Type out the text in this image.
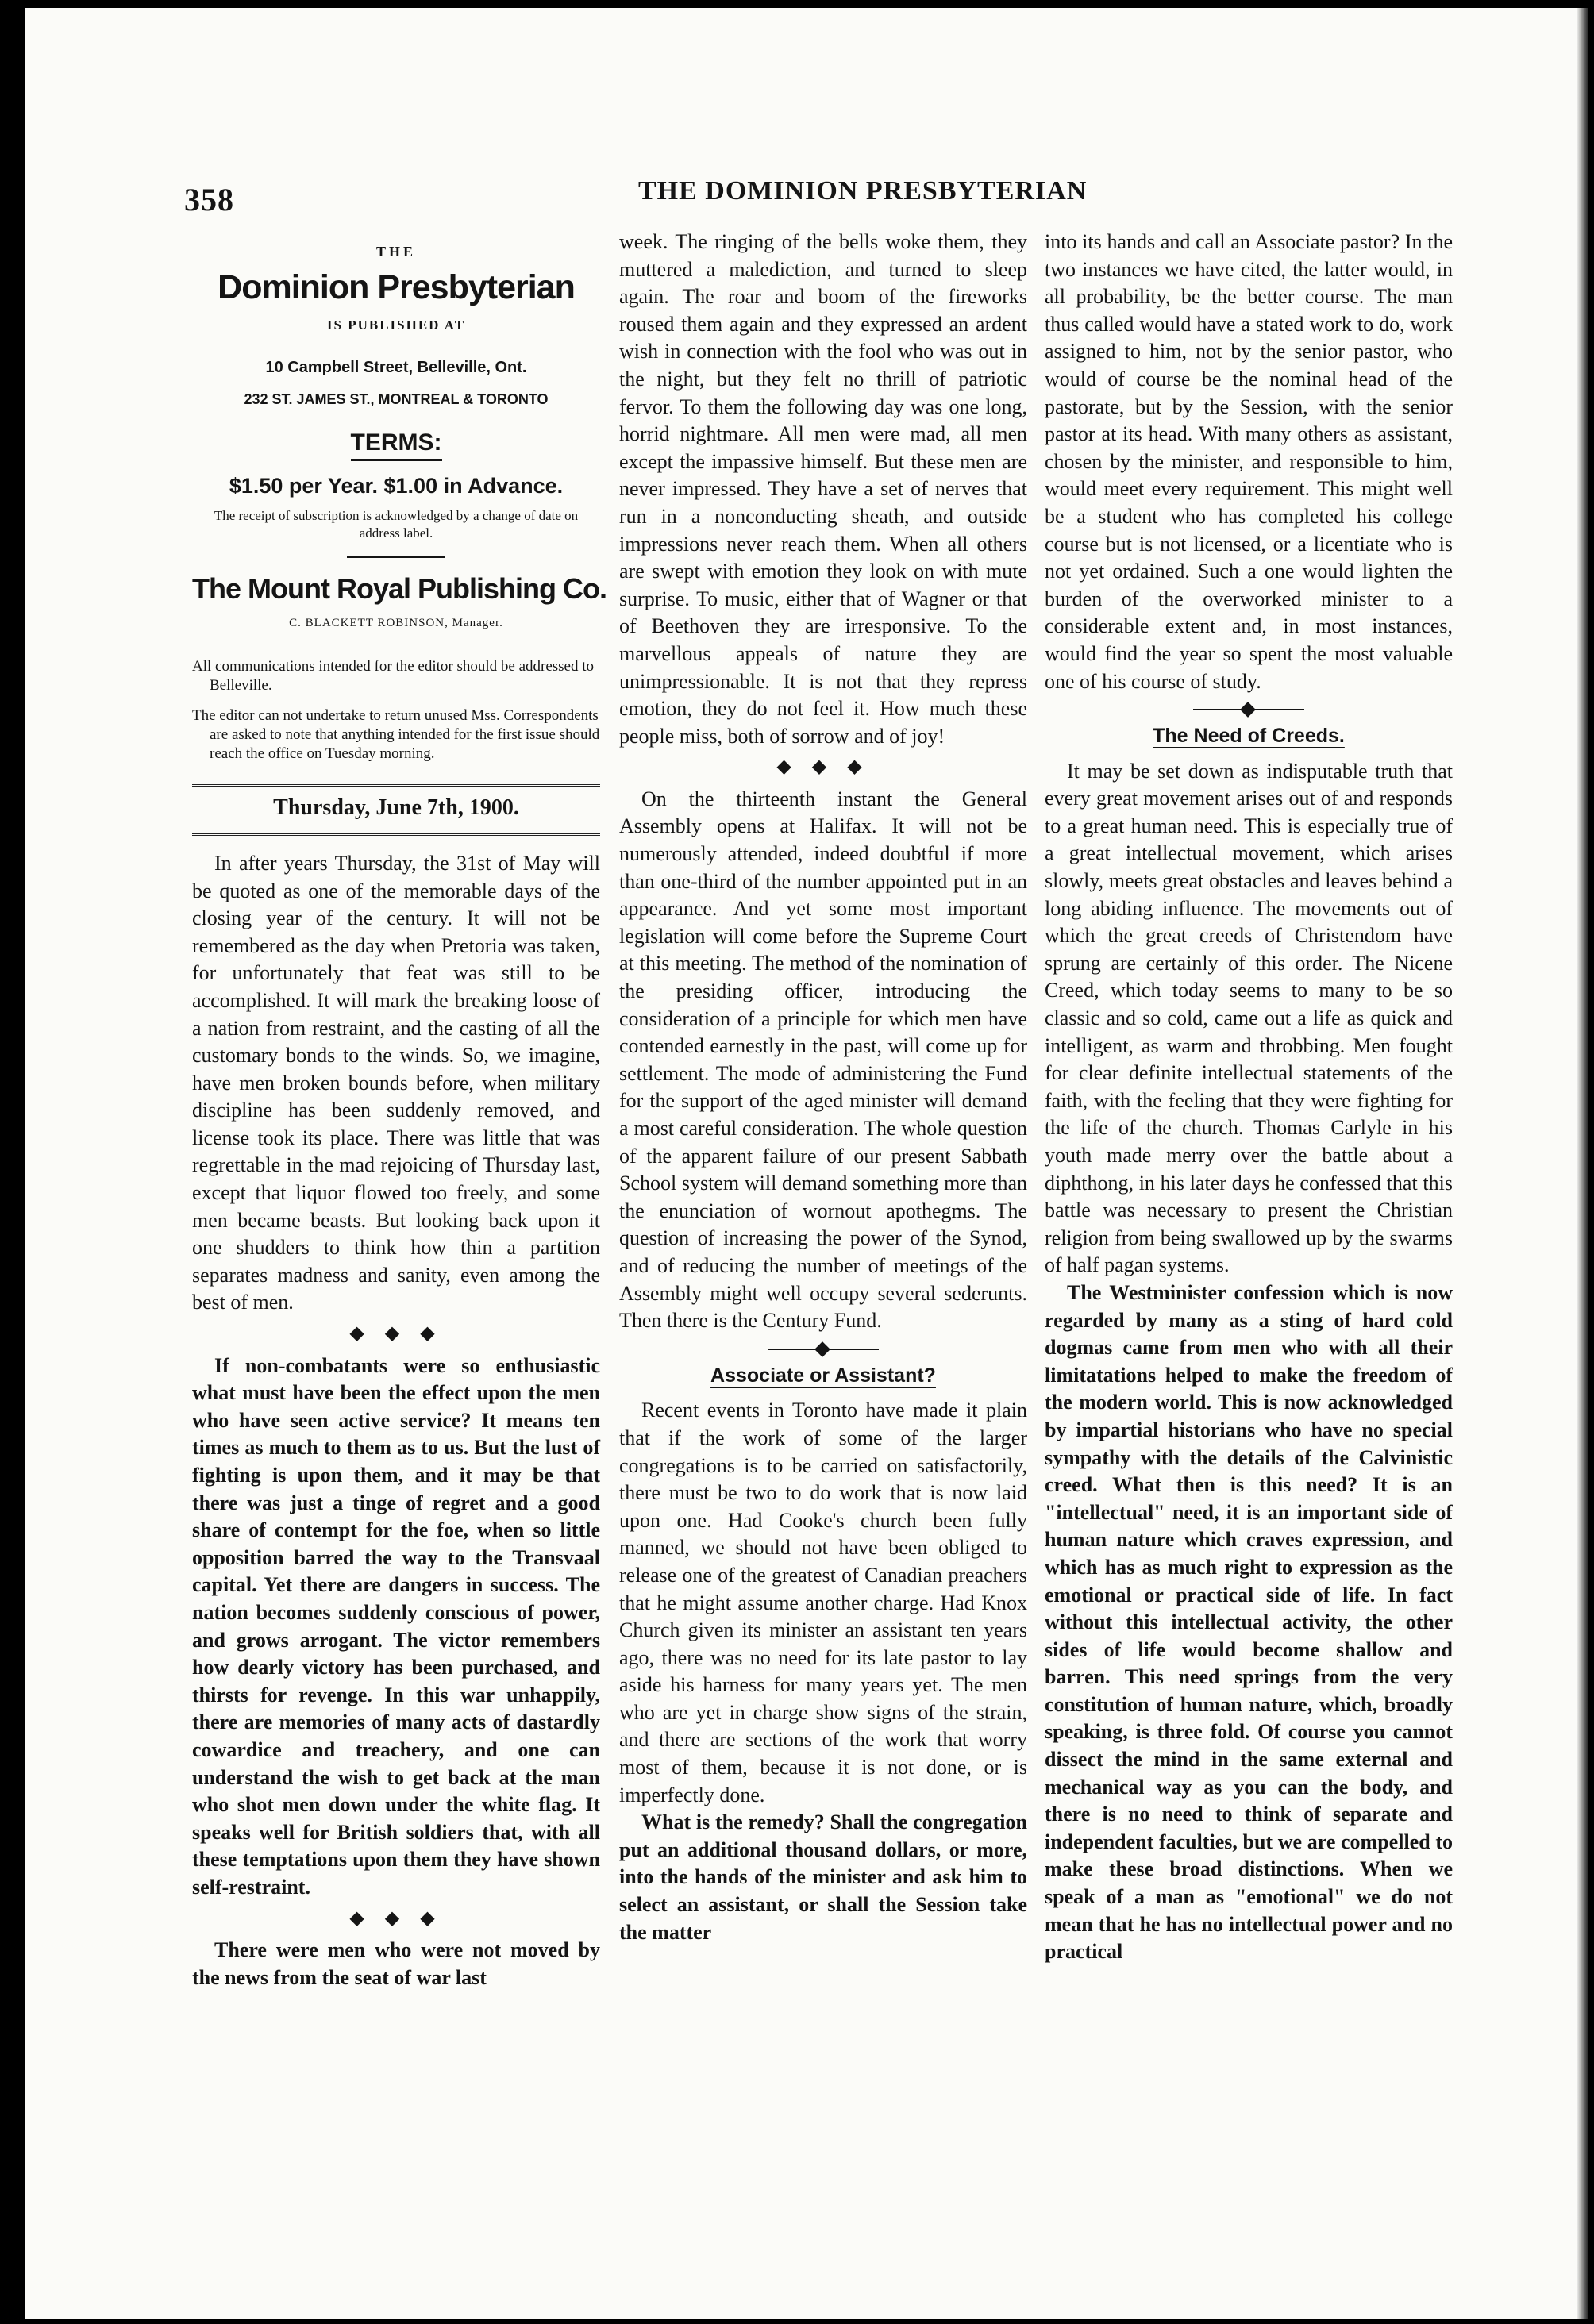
358	THE DOMINION PRESBYTERIAN
THE
Dominion Presbyterian
IS PUBLISHED AT
10 Campbell Street, Belleville, Ont.
232 ST. JAMES ST., MONTREAL & TORONTO
TERMS:
$1.50 per Year. $1.00 in Advance.
The receipt of subscription is acknowledged by a change of date on address label.
The Mount Royal Publishing Co.
C. BLACKETT ROBINSON, Manager.
All communications intended for the editor should be addressed to Belleville.
The editor can not undertake to return unused Mss. Correspondents are asked to note that anything intended for the first issue should reach the office on Tuesday morning.
Thursday, June 7th, 1900.

In after years Thursday, the 31st of May will be quoted as one of the memorable days of the closing year of the century. It will not be remembered as the day when Pretoria was taken, for unfortunately that feat was still to be accomplished. It will mark the breaking loose of a nation from restraint, and the casting of all the customary bonds to the winds. So, we imagine, have men broken bounds before, when military discipline has been suddenly removed, and license took its place. There was little that was regrettable in the mad rejoicing of Thursday last, except that liquor flowed too freely, and some men became beasts. But looking back upon it one shudders to think how thin a partition separates madness and sanity, even among the best of men.

◆ ◆ ◆

If non-combatants were so enthusiastic what must have been the effect upon the men who have seen active service? It means ten times as much to them as to us. But the lust of fighting is upon them, and it may be that there was just a tinge of regret and a good share of contempt for the foe, when so little opposition barred the way to the Transvaal capital. Yet there are dangers in success. The nation becomes suddenly conscious of power, and grows arrogant. The victor remembers how dearly victory has been purchased, and thirsts for revenge. In this war unhappily, there are memories of many acts of dastardly cowardice and treachery, and one can understand the wish to get back at the man who shot men down under the white flag. It speaks well for British soldiers that, with all these temptations upon them they have shown self-restraint.

◆ ◆ ◆

There were men who were not moved by the news from the seat of war last

week. The ringing of the bells woke them, they muttered a malediction, and turned to sleep again. The roar and boom of the fireworks roused them again and they expressed an ardent wish in connection with the fool who was out in the night, but they felt no thrill of patriotic fervor. To them the following day was one long, horrid nightmare. All men were mad, all men except the impassive himself. But these men are never impressed. They have a set of nerves that run in a nonconducting sheath, and outside impressions never reach them. When all others are swept with emotion they look on with mute surprise. To music, either that of Wagner or that of Beethoven they are irresponsive. To the marvellous appeals of nature they are unimpressionable. It is not that they repress emotion, they do not feel it. How much these people miss, both of sorrow and of joy!

◆ ◆ ◆

On the thirteenth instant the General Assembly opens at Halifax. It will not be numerously attended, indeed doubtful if more than one-third of the number appointed put in an appearance. And yet some most important legislation will come before the Supreme Court at this meeting. The method of the nomination of the presiding officer, introducing the consideration of a principle for which men have contended earnestly in the past, will come up for settlement. The mode of administering the Fund for the support of the aged minister will demand a most careful consideration. The whole question of the apparent failure of our present Sabbath School system will demand something more than the enunciation of wornout apothegms. The question of increasing the power of the Synod, and of reducing the number of meetings of the Assembly might well occupy several sederunts. Then there is the Century Fund.

Associate or Assistant?

Recent events in Toronto have made it plain that if the work of some of the larger congregations is to be carried on satisfactorily, there must be two to do work that is now laid upon one. Had Cooke's church been fully manned, we should not have been obliged to release one of the greatest of Canadian preachers that he might assume another charge. Had Knox Church given its minister an assistant ten years ago, there was no need for its late pastor to lay aside his harness for many years yet. The men who are yet in charge show signs of the strain, and there are sections of the work that worry most of them, because it is not done, or is imperfectly done.

What is the remedy? Shall the congregation put an additional thousand dollars, or more, into the hands of the minister and ask him to select an assistant, or shall the Session take the matter

into its hands and call an Associate pastor? In the two instances we have cited, the latter would, in all probability, be the better course. The man thus called would have a stated work to do, work assigned to him, not by the senior pastor, who would of course be the nominal head of the pastorate, but by the Session, with the senior pastor at its head. With many others as assistant, chosen by the minister, and responsible to him, would meet every requirement. This might well be a student who has completed his college course but is not licensed, or a licentiate who is not yet ordained. Such a one would lighten the burden of the overworked minister to a considerable extent and, in most instances, would find the year so spent the most valuable one of his course of study.

The Need of Creeds.

It may be set down as indisputable truth that every great movement arises out of and responds to a great human need. This is especially true of a great intellectual movement, which arises slowly, meets great obstacles and leaves behind a long abiding influence. The movements out of which the great creeds of Christendom have sprung are certainly of this order. The Nicene Creed, which today seems to many to be so classic and so cold, came out a life as quick and intelligent, as warm and throbbing. Men fought for clear definite intellectual statements of the faith, with the feeling that they were fighting for the life of the church. Thomas Carlyle in his youth made merry over the battle about a diphthong, in his later days he confessed that this battle was necessary to present the Christian religion from being swallowed up by the swarms of half pagan systems.

The Westminister confession which is now regarded by many as a sting of hard cold dogmas came from men who with all their limitatations helped to make the freedom of the modern world. This is now acknowledged by impartial historians who have no special sympathy with the details of the Calvinistic creed. What then is this need? It is an "intellectual" need, it is an important side of human nature which craves expression, and which has as much right to expression as the emotional or practical side of life. In fact without this intellectual activity, the other sides of life would become shallow and barren. This need springs from the very constitution of human nature, which, broadly speaking, is three fold. Of course you cannot dissect the mind in the same external and mechanical way as you can the body, and there is no need to think of separate and independent faculties, but we are compelled to make these broad distinctions. When we speak of a man as "emotional" we do not mean that he has no intellectual power and no practical
